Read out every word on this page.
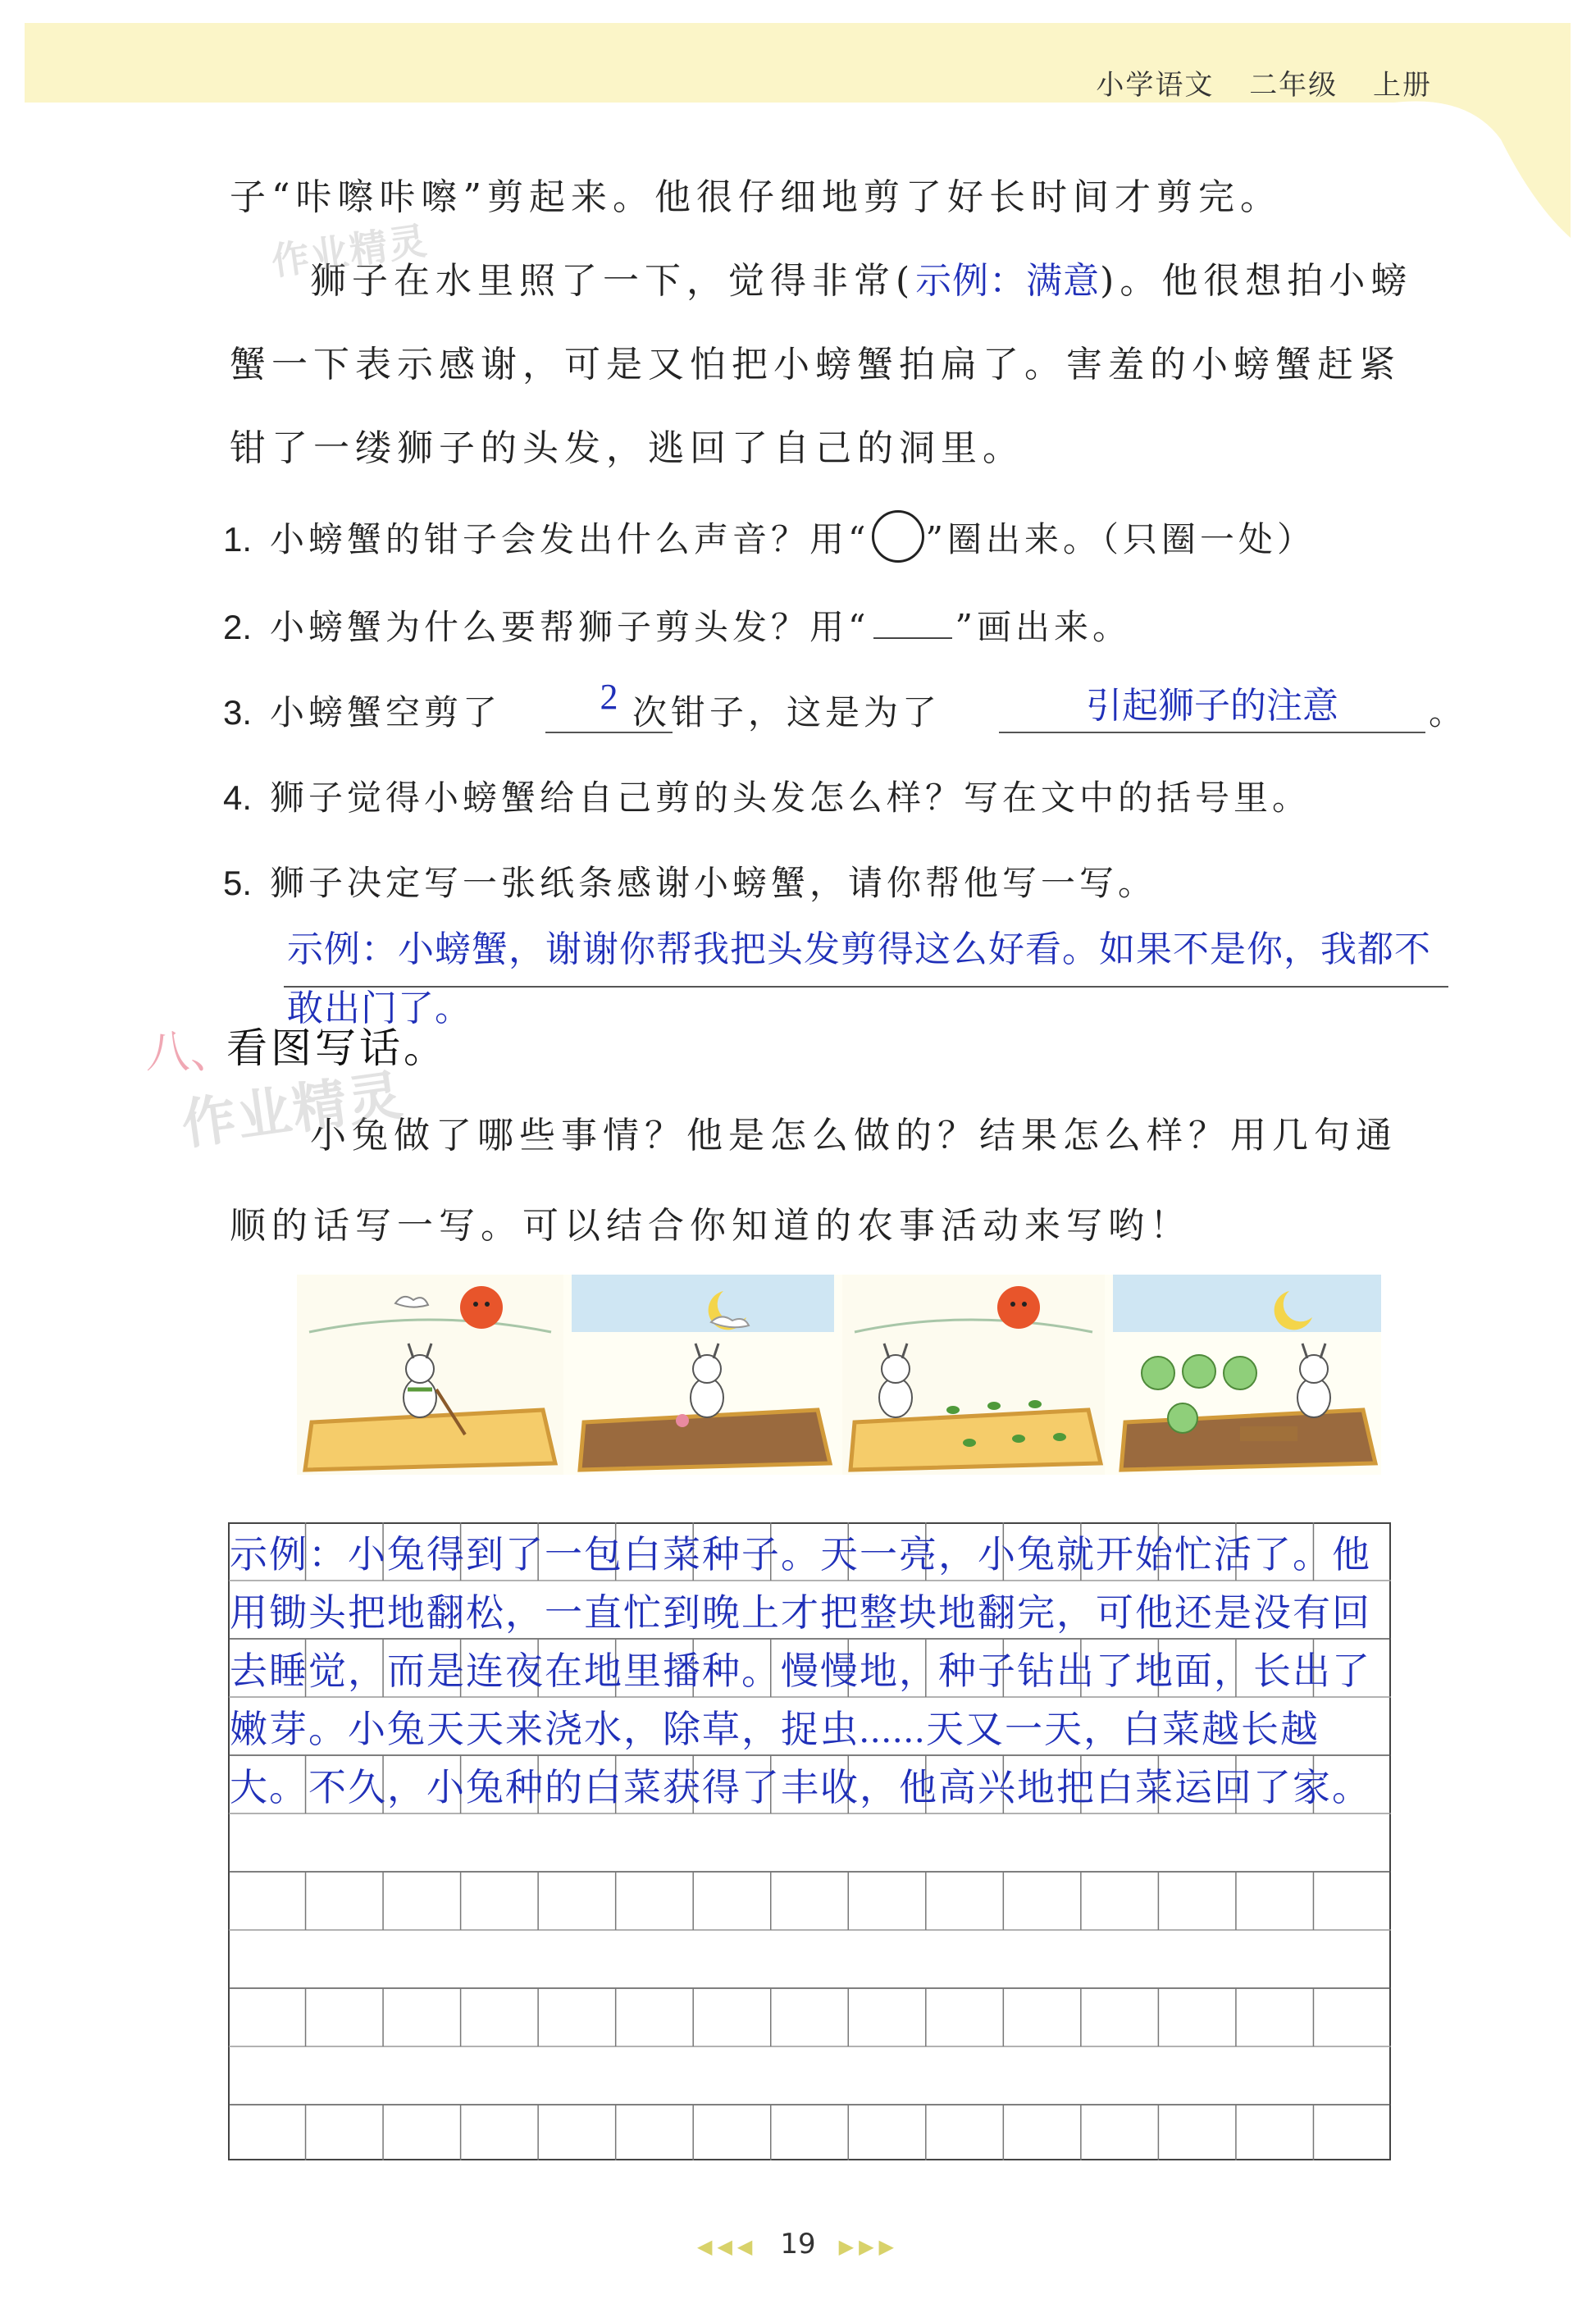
小学语文 二年级 上册
子“咔嚓咔嚓”剪起来。他很仔细地剪了好长时间才剪完。
狮子在水里照了一下，觉得非常(示例：满意)。他很想拍小螃
蟹一下表示感谢，可是又怕把小螃蟹拍扁了。害羞的小螃蟹赶紧
钳了一缕狮子的头发，逃回了自己的洞里。
1. 小螃蟹的钳子会发出什么声音？用“ ”圈出来。（只圈一处）
2. 小螃蟹为什么要帮狮子剪头发？用“ ”画出来。
3. 小螃蟹空剪了	次钳子，这是为了
2	引起狮子的注意	。
4. 狮子觉得小螃蟹给自己剪的头发怎么样？写在文中的括号里。
5. 狮子决定写一张纸条感谢小螃蟹，请你帮他写一写。
示例：小螃蟹，谢谢你帮我把头发剪得这么好看。如果不是你，我都不敢出门了。
八、
看图写话。
小兔做了哪些事情？他是怎么做的？结果怎么样？用几句通
顺的话写一写。可以结合你知道的农事活动来写哟！
作业精灵
作业精灵
示例：小兔得到了一包白菜种子。天一亮，小兔就开始忙活了。他用锄头把地翻松，一直忙到晚上才把整块地翻完，可他还是没有回去睡觉，而是连夜在地里播种。慢慢地，种子钻出了地面，长出了嫩芽。小兔天天来浇水，除草，捉虫......天又一天，白菜越长越大。不久，小兔种的白菜获得了丰收，他高兴地把白菜运回了家。
◀◀◀ 19 ▶▶▶
